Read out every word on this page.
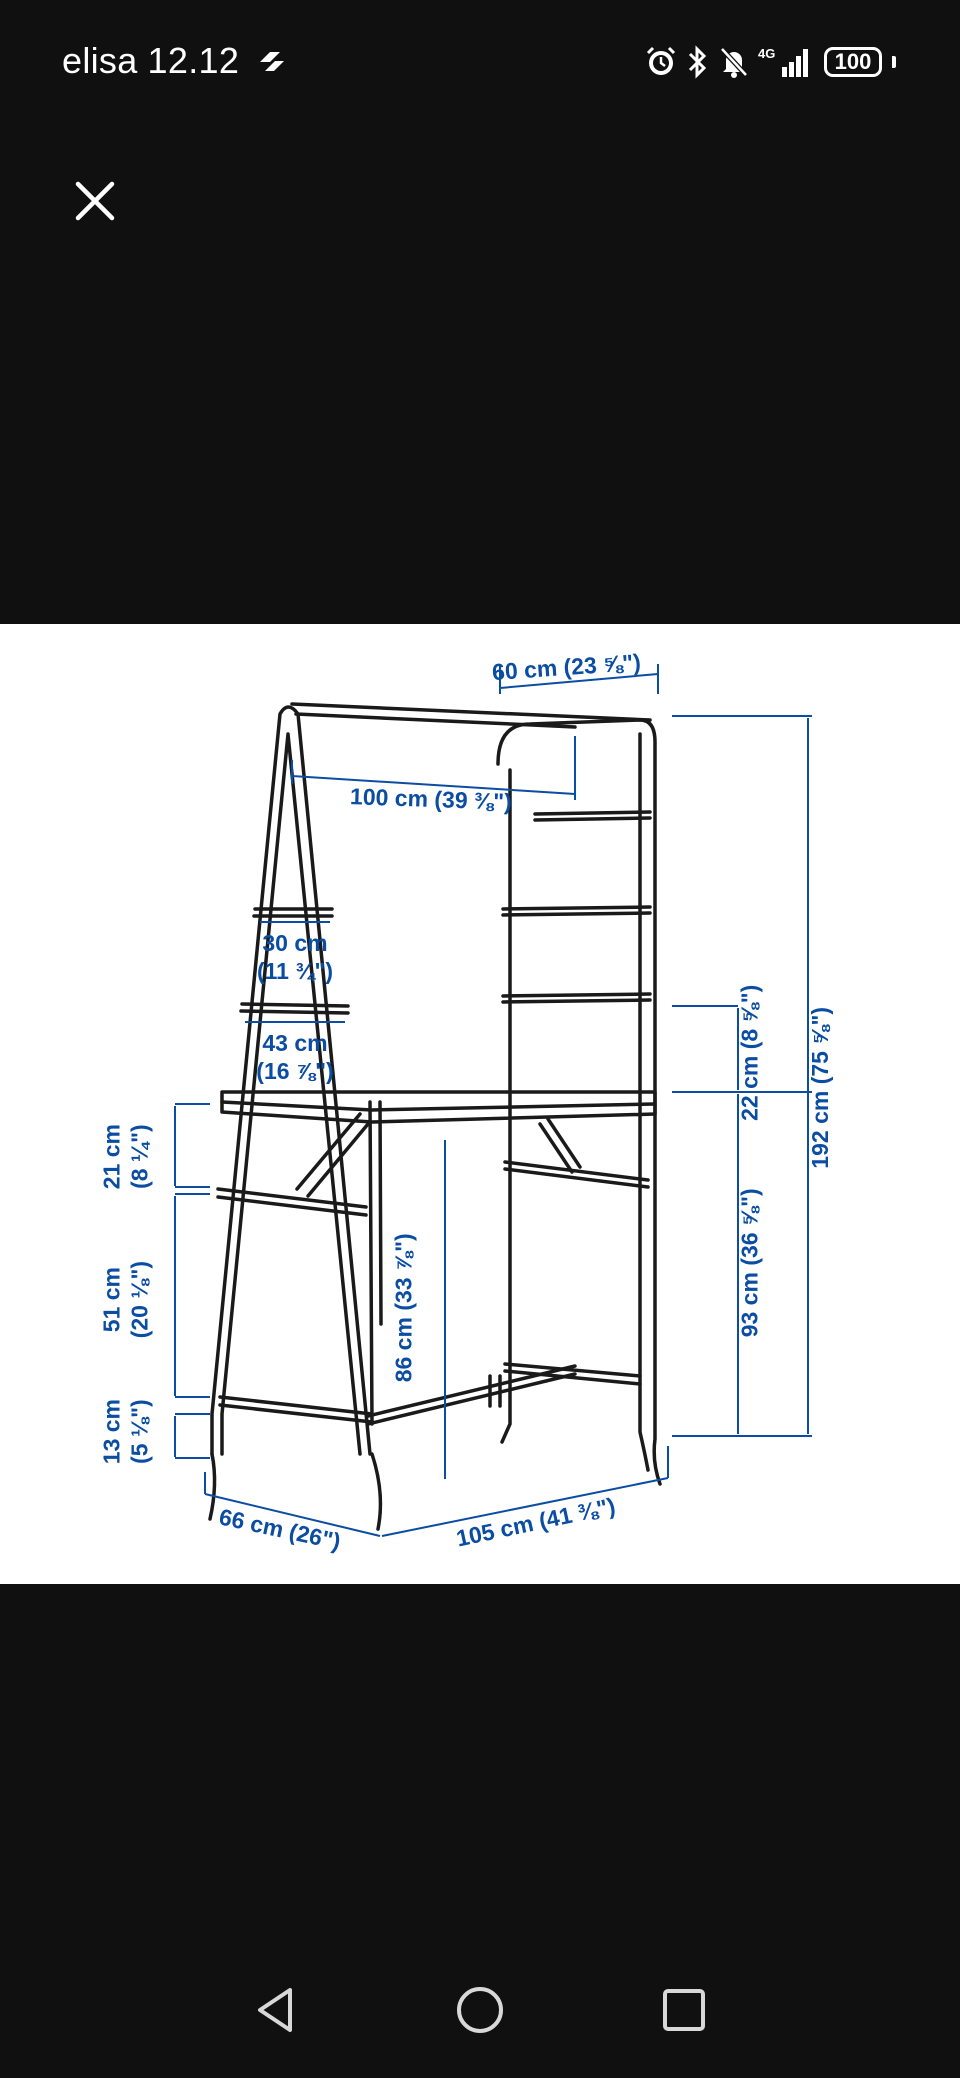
elisa 12.12	4G	100
60 cm (23 ⅝")
100 cm (39 ⅜")
30 cm
(11 ¾")
43 cm
(16 ⅞")
21 cm (8 ¼")
51 cm (20 ⅛")
13 cm (5 ⅛")
86 cm (33 ⅞")
22 cm (8 ⅝")
93 cm (36 ⅝")
192 cm (75 ⅝")
66 cm (26")	105 cm (41 ⅜")
